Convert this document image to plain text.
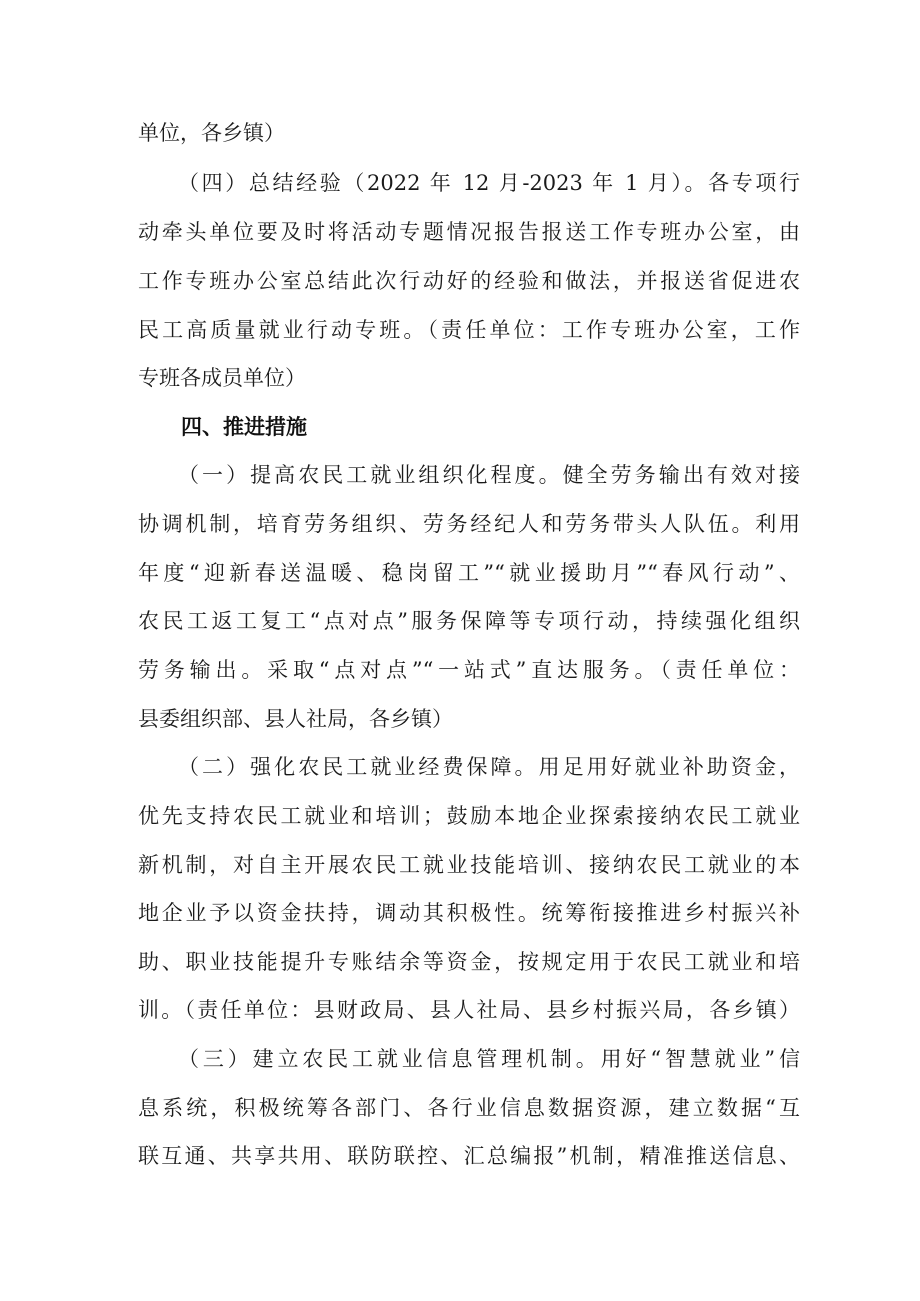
单位，各乡镇）
（四）总结经验（2022 年 12 月-2023 年 1 月）。各专项行
动牵头单位要及时将活动专题情况报告报送工作专班办公室，由
工作专班办公室总结此次行动好的经验和做法，并报送省促进农
民工高质量就业行动专班。（责任单位：工作专班办公室，工作
专班各成员单位）
四、推进措施
（一）提高农民工就业组织化程度。健全劳务输出有效对接
协调机制，培育劳务组织、劳务经纪人和劳务带头人队伍。利用
年度“迎新春送温暖、稳岗留工”“就业援助月”“春风行动”、
农民工返工复工“点对点”服务保障等专项行动，持续强化组织
劳务输出。采取“点对点”“一站式”直达服务。（责任单位：
县委组织部、县人社局，各乡镇）
（二）强化农民工就业经费保障。用足用好就业补助资金，
优先支持农民工就业和培训；鼓励本地企业探索接纳农民工就业
新机制，对自主开展农民工就业技能培训、接纳农民工就业的本
地企业予以资金扶持，调动其积极性。统筹衔接推进乡村振兴补
助、职业技能提升专账结余等资金，按规定用于农民工就业和培
训。（责任单位：县财政局、县人社局、县乡村振兴局，各乡镇）
（三）建立农民工就业信息管理机制。用好“智慧就业”信
息系统，积极统筹各部门、各行业信息数据资源，建立数据“互
联互通、共享共用、联防联控、汇总编报”机制，精准推送信息、
